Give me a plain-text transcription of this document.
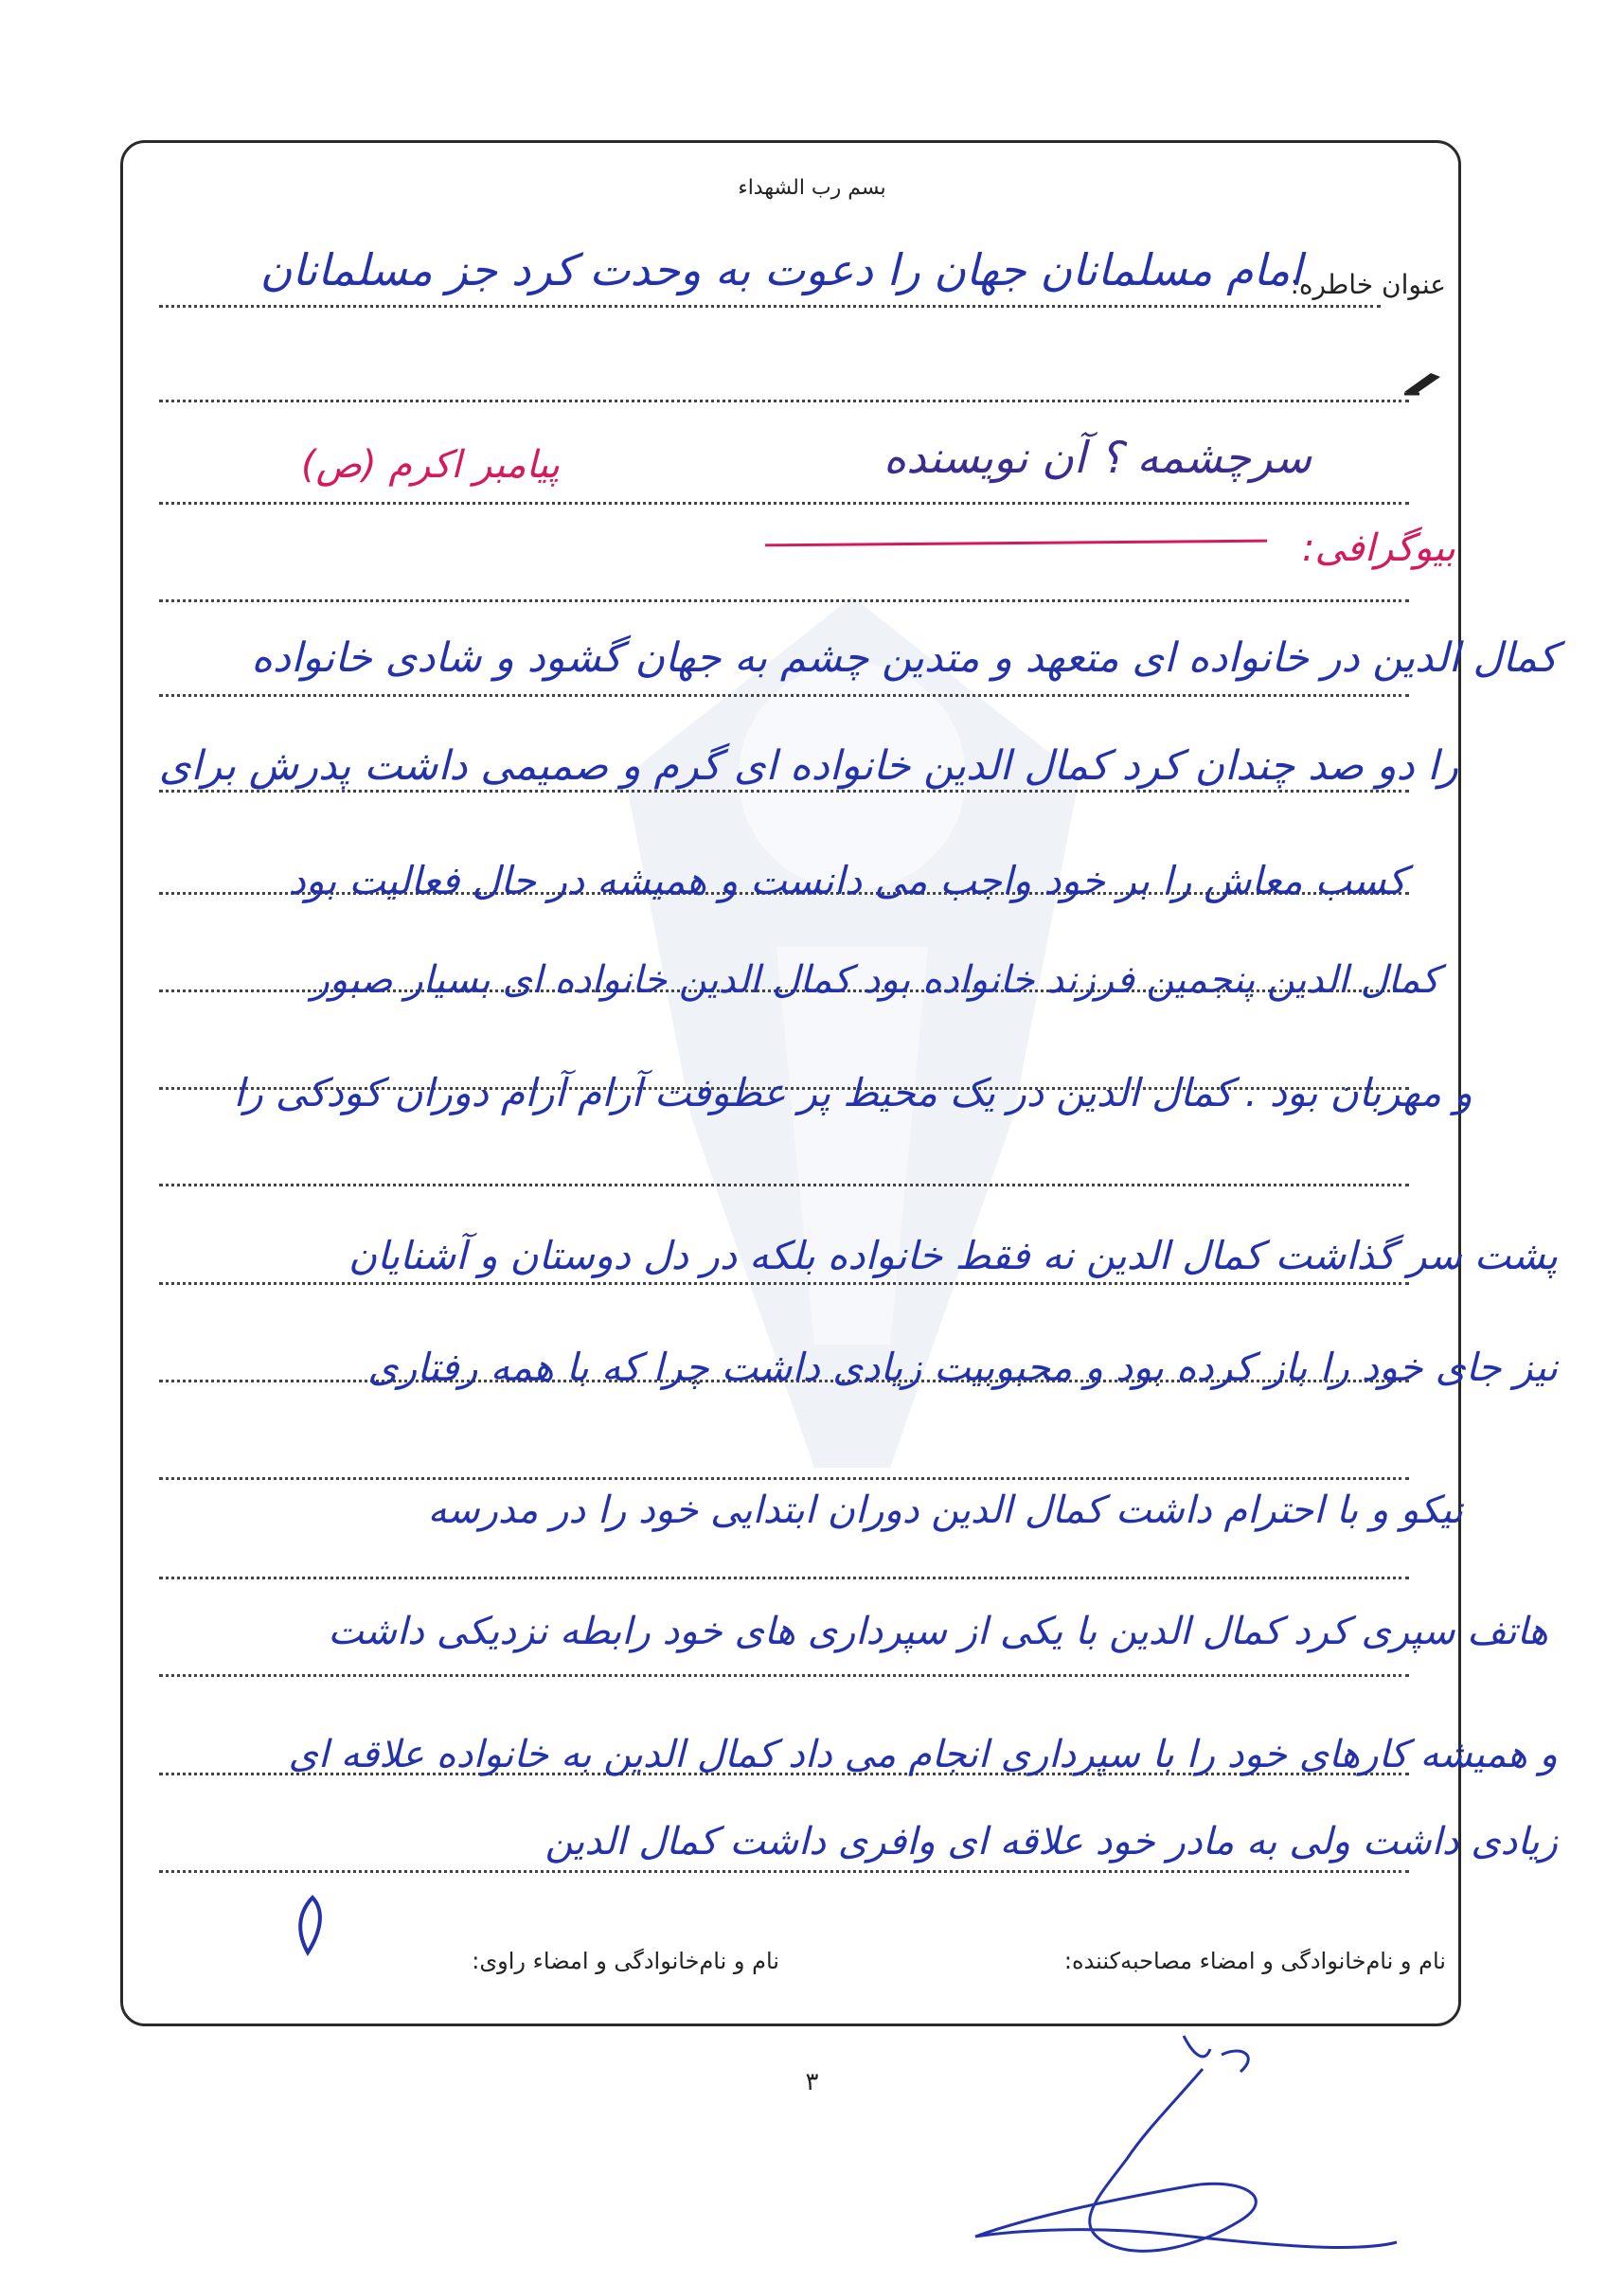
بسم رب الشهداء
عنوان خاطره:
امام مسلمانان جهان را دعوت به وحدت کرد جز مسلمانان
پیامبر اکرم (ص)	سرچشمه ؟ آن نویسنده
بیوگرافی:
کمال الدین در خانواده ای متعهد و متدین چشم به جهان گشود و شادی خانواده
را دو صد چندان کرد کمال الدین خانواده ای گرم و صمیمی داشت پدرش برای
کسب معاش را بر خود واجب می دانست و همیشه در حال فعالیت بود
کمال الدین پنجمین فرزند خانواده بود کمال الدین خانواده ای بسیار صبور
و مهربان بود . کمال الدین در یک محیط پر عطوفت آرام آرام دوران کودکی را
پشت سر گذاشت کمال الدین نه فقط خانواده بلکه در دل دوستان و آشنایان
نیز جای خود را باز کرده بود و محبوبیت زیادی داشت چرا که با همه رفتاری
نیکو و با احترام داشت کمال الدین دوران ابتدایی خود را در مدرسه
هاتف سپری کرد کمال الدین با یکی از سپرداری های خود رابطه نزدیکی داشت
و همیشه کارهای خود را با سپرداری انجام می داد کمال الدین به خانواده علاقه ای
زیادی داشت ولی به مادر خود علاقه ای وافری داشت کمال الدین
نام و نام‌خانوادگی و امضاء مصاحبه‌کننده:
نام و نام‌خانوادگی و امضاء راوی:
۳
